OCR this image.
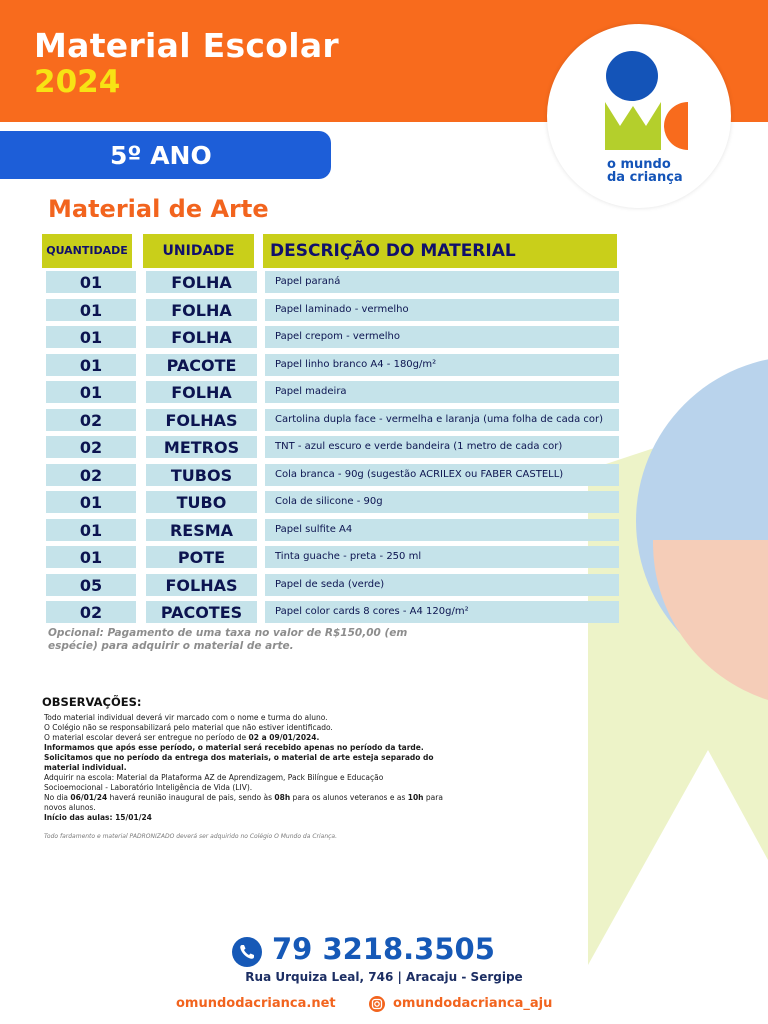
Material Escolar
2024
o mundo
da criança
5º ANO
Material de Arte
QUANTIDADE	UNIDADE	DESCRIÇÃO DO MATERIAL
01	FOLHA	Papel paraná
01	FOLHA	Papel laminado - vermelho
01	FOLHA	Papel crepom - vermelho
01	PACOTE	Papel linho branco A4 - 180g/m²
01	FOLHA	Papel madeira
02	FOLHAS	Cartolina dupla face - vermelha e laranja (uma folha de cada cor)
02	METROS	TNT - azul escuro e verde bandeira (1 metro de cada cor)
02	TUBOS	Cola branca - 90g (sugestão ACRILEX ou FABER CASTELL)
01	TUBO	Cola de silicone - 90g
01	RESMA	Papel sulfite A4
01	POTE	Tinta guache - preta - 250 ml
05	FOLHAS	Papel de seda (verde)
02	PACOTES	Papel color cards 8 cores - A4 120g/m²
Opcional: Pagamento de uma taxa no valor de R$150,00 (em espécie) para adquirir o material de arte.
OBSERVAÇÕES:

Todo material individual deverá vir marcado com o nome e turma do aluno.

O Colégio não se responsabilizará pelo material que não estiver identificado.

O material escolar deverá ser entregue no período de 02 a 09/01/2024.

Informamos que após esse período, o material será recebido apenas no período da tarde.

Solicitamos que no período da entrega dos materiais, o material de arte esteja separado do material individual.

Adquirir na escola: Material da Plataforma AZ de Aprendizagem, Pack Bilíngue e Educação Socioemocional - Laboratório Inteligência de Vida (LIV).

No dia 06/01/24 haverá reunião inaugural de pais, sendo às 08h para os alunos veteranos e as 10h para novos alunos.

Início das aulas: 15/01/24

Todo fardamento e material PADRONIZADO deverá ser adquirido no Colégio O Mundo da Criança.
79 3218.3505
Rua Urquiza Leal, 746 | Aracaju - Sergipe
omundodacrianca.net	omundodacrianca_aju
